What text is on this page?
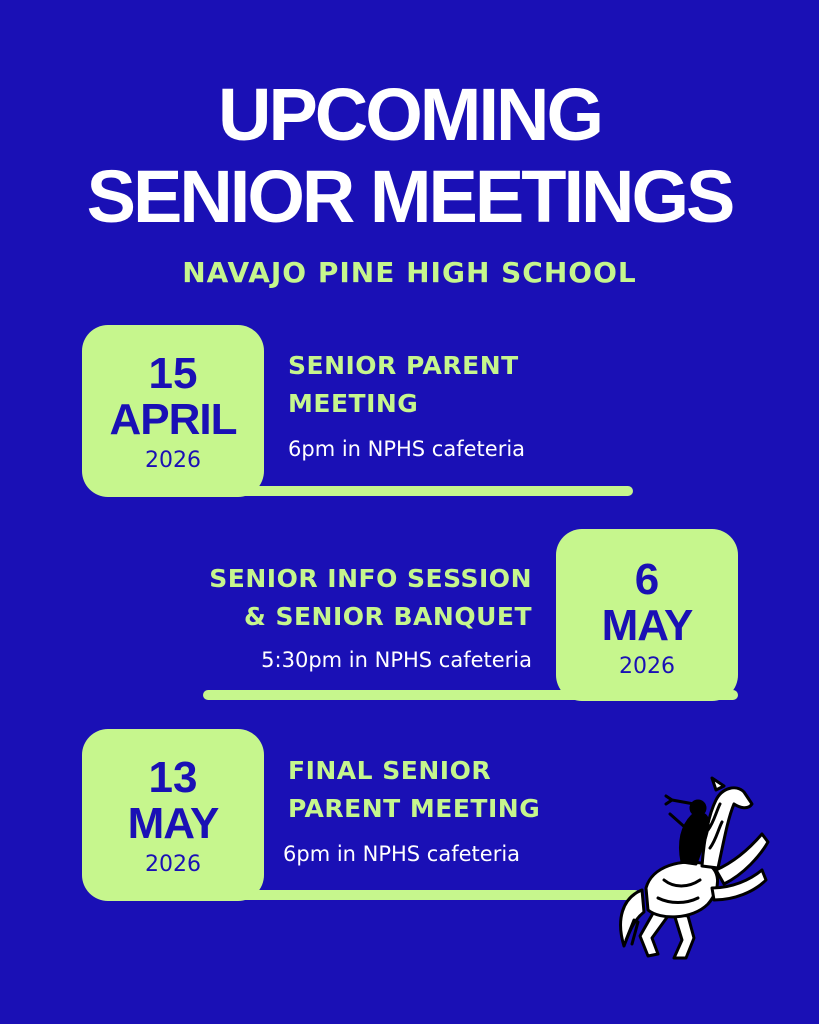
UPCOMING
SENIOR MEETINGS
NAVAJO PINE HIGH SCHOOL
15
APRIL
2026
SENIOR PARENT
MEETING
6pm in NPHS cafeteria
6
MAY
2026
SENIOR INFO SESSION
& SENIOR BANQUET
5:30pm in NPHS cafeteria
13
MAY
2026
FINAL SENIOR
PARENT MEETING
6pm in NPHS cafeteria
